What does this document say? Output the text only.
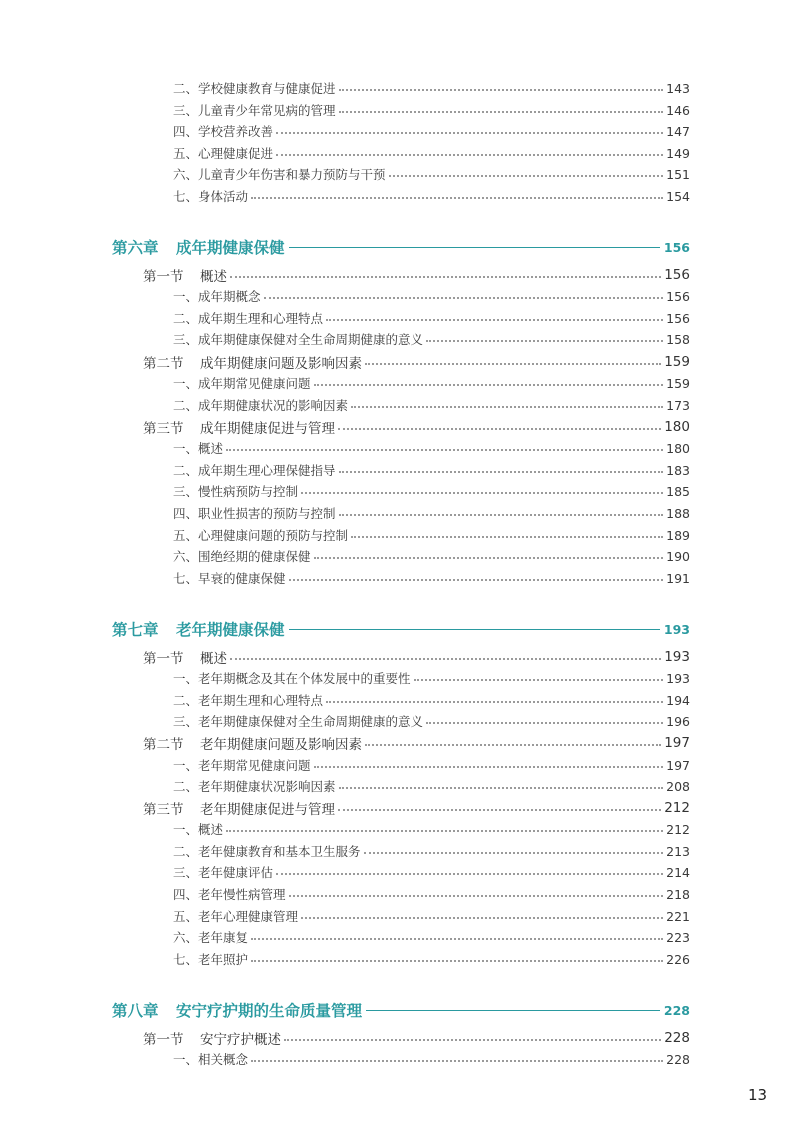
二、学校健康教育与健康促进	143
三、儿童青少年常见病的管理	146
四、学校营养改善	147
五、心理健康促进	149
六、儿童青少年伤害和暴力预防与干预	151
七、身体活动	154
第六章 成年期健康保健	156
第一节 概述	156
一、成年期概念	156
二、成年期生理和心理特点	156
三、成年期健康保健对全生命周期健康的意义	158
第二节 成年期健康问题及影响因素	159
一、成年期常见健康问题	159
二、成年期健康状况的影响因素	173
第三节 成年期健康促进与管理	180
一、概述	180
二、成年期生理心理保健指导	183
三、慢性病预防与控制	185
四、职业性损害的预防与控制	188
五、心理健康问题的预防与控制	189
六、围绝经期的健康保健	190
七、早衰的健康保健	191
第七章 老年期健康保健	193
第一节 概述	193
一、老年期概念及其在个体发展中的重要性	193
二、老年期生理和心理特点	194
三、老年期健康保健对全生命周期健康的意义	196
第二节 老年期健康问题及影响因素	197
一、老年期常见健康问题	197
二、老年期健康状况影响因素	208
第三节 老年期健康促进与管理	212
一、概述	212
二、老年健康教育和基本卫生服务	213
三、老年健康评估	214
四、老年慢性病管理	218
五、老年心理健康管理	221
六、老年康复	223
七、老年照护	226
第八章 安宁疗护期的生命质量管理	228
第一节 安宁疗护概述	228
一、相关概念	228
13
